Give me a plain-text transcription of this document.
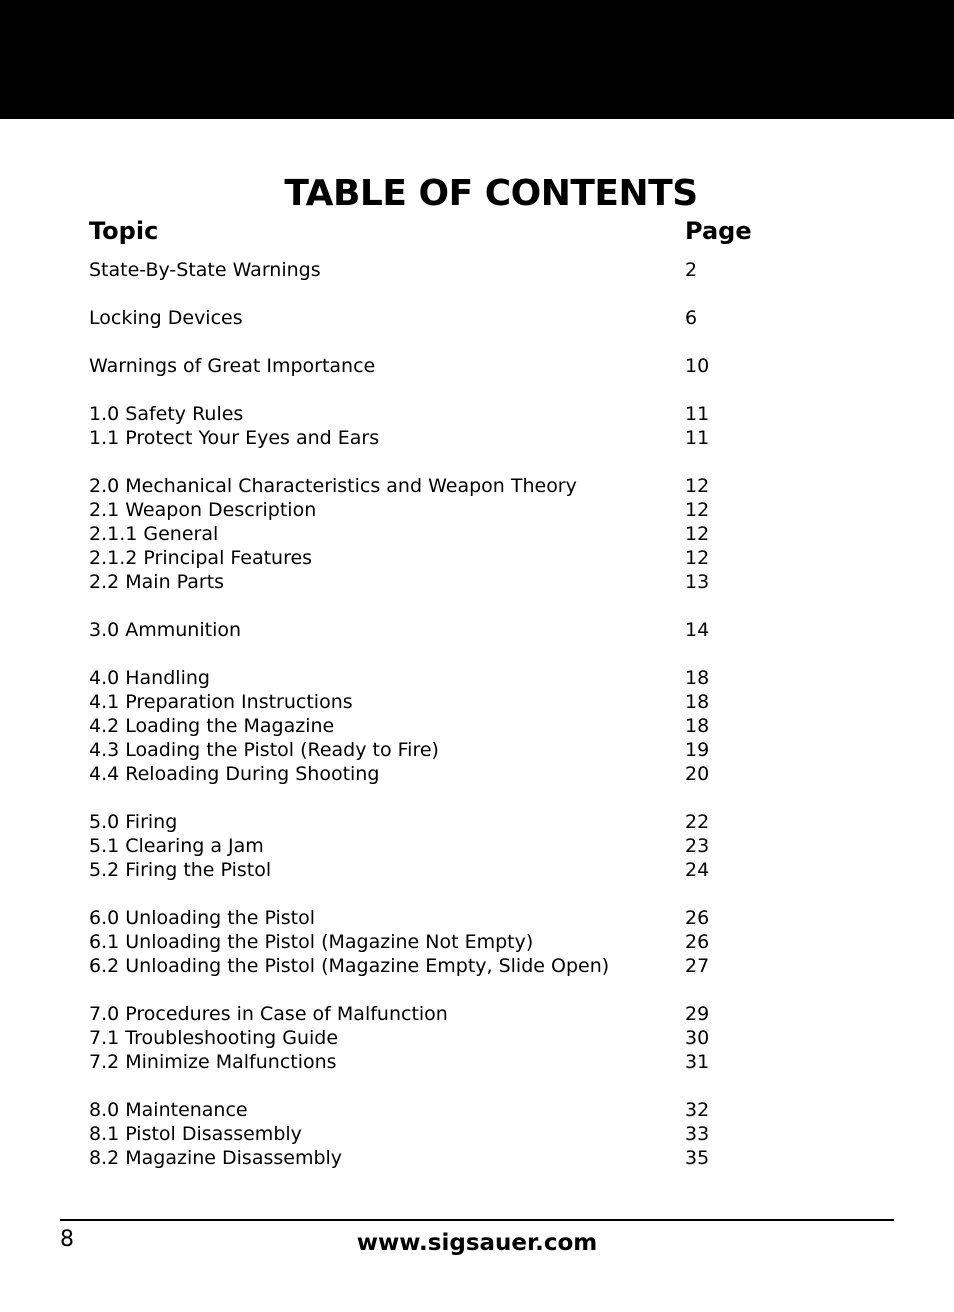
TABLE OF CONTENTS
Topic	Page
State-By-State Warnings	2
Locking Devices	6
Warnings of Great Importance	10
1.0 Safety Rules	11
1.1 Protect Your Eyes and Ears	11
2.0 Mechanical Characteristics and Weapon Theory	12
2.1 Weapon Description	12
2.1.1 General	12
2.1.2 Principal Features	12
2.2 Main Parts	13
3.0 Ammunition	14
4.0 Handling	18
4.1 Preparation Instructions	18
4.2 Loading the Magazine	18
4.3 Loading the Pistol (Ready to Fire)	19
4.4 Reloading During Shooting	20
5.0 Firing	22
5.1 Clearing a Jam	23
5.2 Firing the Pistol	24
6.0 Unloading the Pistol	26
6.1 Unloading the Pistol (Magazine Not Empty)	26
6.2 Unloading the Pistol (Magazine Empty, Slide Open)	27
7.0 Procedures in Case of Malfunction	29
7.1 Troubleshooting Guide	30
7.2 Minimize Malfunctions	31
8.0 Maintenance	32
8.1 Pistol Disassembly	33
8.2 Magazine Disassembly	35
8	www.sigsauer.com
